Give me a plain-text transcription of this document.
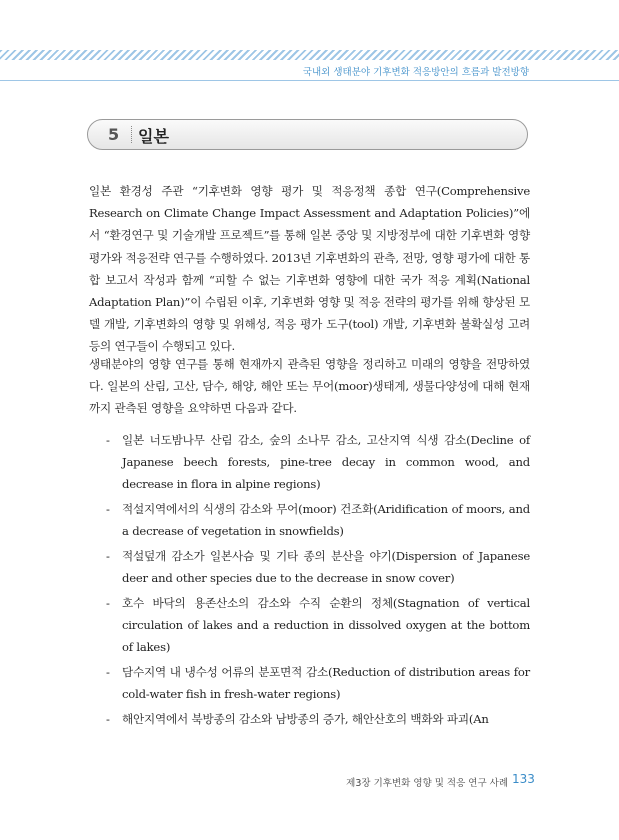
국내외 생태분야 기후변화 적응방안의 흐름과 발전방향
5 일본

일본 환경성 주관 “기후변화 영향 평가 및 적응정책 종합 연구(Comprehensive Research on Climate Change Impact Assessment and Adaptation Policies)”에서 “환경연구 및 기술개발 프로젝트”를 통해 일본 중앙 및 지방정부에 대한 기후변화 영향평가와 적응전략 연구를 수행하였다. 2013년 기후변화의 관측, 전망, 영향 평가에 대한 통합 보고서 작성과 함께 “피할 수 없는 기후변화 영향에 대한 국가 적응 계획(National Adaptation Plan)”이 수립된 이후, 기후변화 영향 및 적응 전략의 평가를 위해 향상된 모델 개발, 기후변화의 영향 및 위해성, 적응 평가 도구(tool) 개발, 기후변화 불확실성 고려 등의 연구들이 수행되고 있다.

생태분야의 영향 연구를 통해 현재까지 관측된 영향을 정리하고 미래의 영향을 전망하였다. 일본의 산림, 고산, 담수, 해양, 해안 또는 무어(moor)생태계, 생물다양성에 대해 현재까지 관측된 영향을 요약하면 다음과 같다.

- 일본 너도밤나무 산림 감소, 숲의 소나무 감소, 고산지역 식생 감소(Decline of Japanese beech forests, pine-tree decay in common wood, and decrease in flora in alpine regions)
- 적설지역에서의 식생의 감소와 무어(moor) 건조화(Aridification of moors, and a decrease of vegetation in snowfields)
- 적설덮개 감소가 일본사슴 및 기타 종의 분산을 야기(Dispersion of Japanese deer and other species due to the decrease in snow cover)
- 호수 바닥의 용존산소의 감소와 수직 순환의 정체(Stagnation of vertical circulation of lakes and a reduction in dissolved oxygen at the bottom of lakes)
- 담수지역 내 냉수성 어류의 분포면적 감소(Reduction of distribution areas for cold-water fish in fresh-water regions)
- 해안지역에서 북방종의 감소와 남방종의 증가, 해안산호의 백화와 파괴(An
제3장 기후변화 영향 및 적응 연구 사례 133
